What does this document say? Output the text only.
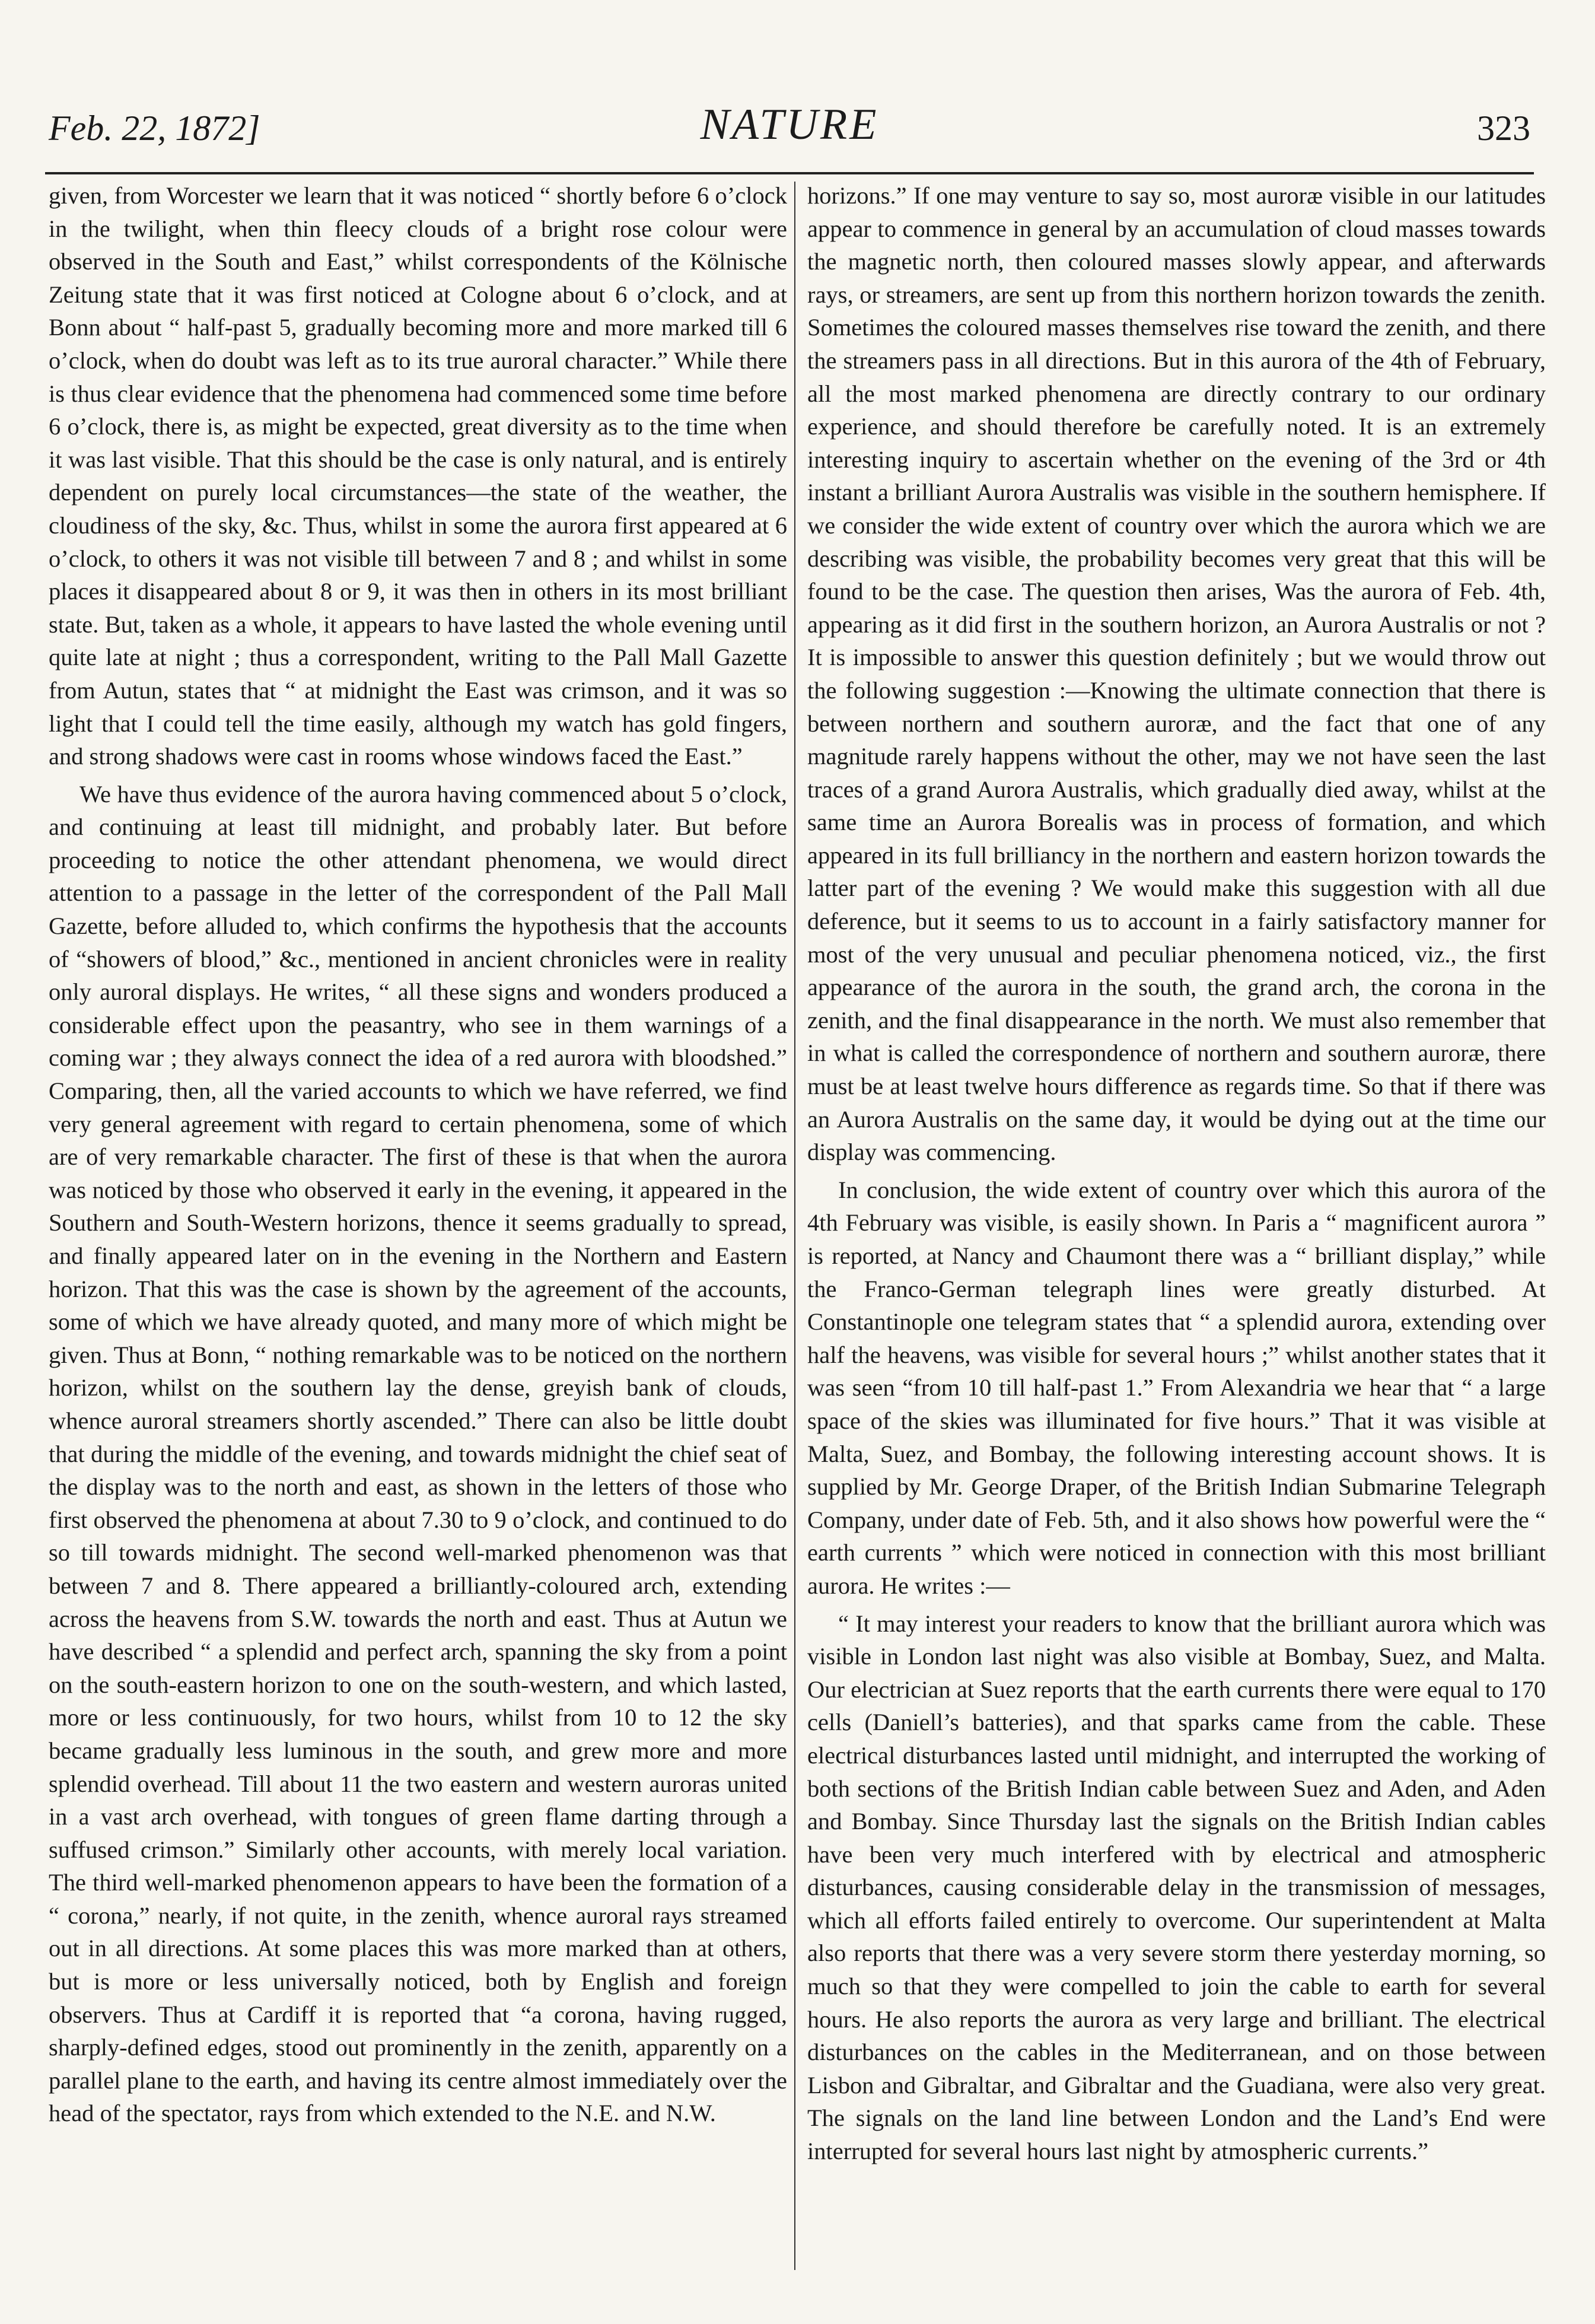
Feb. 22, 1872]	NATURE	323

given, from Worcester we learn that it was noticed “ shortly before 6 o’clock in the twilight, when thin fleecy clouds of a bright rose colour were observed in the South and East,” whilst correspondents of the Kölnische Zeitung state that it was first noticed at Cologne about 6 o’clock, and at Bonn about “ half-past 5, gradually becoming more and more marked till 6 o’clock, when do doubt was left as to its true auroral character.” While there is thus clear evidence that the phenomena had commenced some time before 6 o’clock, there is, as might be expected, great diversity as to the time when it was last visible. That this should be the case is only natural, and is entirely dependent on purely local circumstances—the state of the weather, the cloudiness of the sky, &c. Thus, whilst in some the aurora first appeared at 6 o’clock, to others it was not visible till between 7 and 8 ; and whilst in some places it disappeared about 8 or 9, it was then in others in its most brilliant state. But, taken as a whole, it appears to have lasted the whole evening until quite late at night ; thus a correspondent, writing to the Pall Mall Gazette from Autun, states that “ at midnight the East was crimson, and it was so light that I could tell the time easily, although my watch has gold fingers, and strong shadows were cast in rooms whose windows faced the East.”

We have thus evidence of the aurora having commenced about 5 o’clock, and continuing at least till midnight, and probably later. But before proceeding to notice the other attendant phenomena, we would direct attention to a passage in the letter of the correspondent of the Pall Mall Gazette, before alluded to, which confirms the hypothesis that the accounts of “showers of blood,” &c., mentioned in ancient chronicles were in reality only auroral displays. He writes, “ all these signs and wonders produced a considerable effect upon the peasantry, who see in them warnings of a coming war ; they always connect the idea of a red aurora with bloodshed.” Comparing, then, all the varied accounts to which we have referred, we find very general agreement with regard to certain phenomena, some of which are of very remarkable character. The first of these is that when the aurora was noticed by those who observed it early in the evening, it appeared in the Southern and South-Western horizons, thence it seems gradually to spread, and finally appeared later on in the evening in the Northern and Eastern horizon. That this was the case is shown by the agreement of the accounts, some of which we have already quoted, and many more of which might be given. Thus at Bonn, “ nothing remarkable was to be noticed on the northern horizon, whilst on the southern lay the dense, greyish bank of clouds, whence auroral streamers shortly ascended.” There can also be little doubt that during the middle of the evening, and towards midnight the chief seat of the display was to the north and east, as shown in the letters of those who first observed the phenomena at about 7.30 to 9 o’clock, and continued to do so till towards midnight. The second well-marked phenomenon was that between 7 and 8. There appeared a brilliantly-coloured arch, extending across the heavens from S.W. towards the north and east. Thus at Autun we have described “ a splendid and perfect arch, spanning the sky from a point on the south-eastern horizon to one on the south-western, and which lasted, more or less continuously, for two hours, whilst from 10 to 12 the sky became gradually less luminous in the south, and grew more and more splendid overhead. Till about 11 the two eastern and western auroras united in a vast arch overhead, with tongues of green flame darting through a suffused crimson.” Similarly other accounts, with merely local variation. The third well-marked phenomenon appears to have been the formation of a “ corona,” nearly, if not quite, in the zenith, whence auroral rays streamed out in all directions. At some places this was more marked than at others, but is more or less universally noticed, both by English and foreign observers. Thus at Cardiff it is reported that “a corona, having rugged, sharply-defined edges, stood out prominently in the zenith, apparently on a parallel plane to the earth, and having its centre almost immediately over the head of the spectator, rays from which extended to the N.E. and N.W.

horizons.” If one may venture to say so, most auroræ visible in our latitudes appear to commence in general by an accumulation of cloud masses towards the magnetic north, then coloured masses slowly appear, and afterwards rays, or streamers, are sent up from this northern horizon towards the zenith. Sometimes the coloured masses themselves rise toward the zenith, and there the streamers pass in all directions. But in this aurora of the 4th of February, all the most marked phenomena are directly contrary to our ordinary experience, and should therefore be carefully noted. It is an extremely interesting inquiry to ascertain whether on the evening of the 3rd or 4th instant a brilliant Aurora Australis was visible in the southern hemisphere. If we consider the wide extent of country over which the aurora which we are describing was visible, the probability becomes very great that this will be found to be the case. The question then arises, Was the aurora of Feb. 4th, appearing as it did first in the southern horizon, an Aurora Australis or not ? It is impossible to answer this question definitely ; but we would throw out the following suggestion :—Knowing the ultimate connection that there is between northern and southern auroræ, and the fact that one of any magnitude rarely happens without the other, may we not have seen the last traces of a grand Aurora Australis, which gradually died away, whilst at the same time an Aurora Borealis was in process of formation, and which appeared in its full brilliancy in the northern and eastern horizon towards the latter part of the evening ? We would make this suggestion with all due deference, but it seems to us to account in a fairly satisfactory manner for most of the very unusual and peculiar phenomena noticed, viz., the first appearance of the aurora in the south, the grand arch, the corona in the zenith, and the final disappearance in the north. We must also remember that in what is called the correspondence of northern and southern auroræ, there must be at least twelve hours difference as regards time. So that if there was an Aurora Australis on the same day, it would be dying out at the time our display was commencing.

In conclusion, the wide extent of country over which this aurora of the 4th February was visible, is easily shown. In Paris a “ magnificent aurora ” is reported, at Nancy and Chaumont there was a “ brilliant display,” while the Franco-German telegraph lines were greatly disturbed. At Constantinople one telegram states that “ a splendid aurora, extending over half the heavens, was visible for several hours ;” whilst another states that it was seen “from 10 till half-past 1.” From Alexandria we hear that “ a large space of the skies was illuminated for five hours.” That it was visible at Malta, Suez, and Bombay, the following interesting account shows. It is supplied by Mr. George Draper, of the British Indian Submarine Telegraph Company, under date of Feb. 5th, and it also shows how powerful were the “ earth currents ” which were noticed in connection with this most brilliant aurora. He writes :—

“ It may interest your readers to know that the brilliant aurora which was visible in London last night was also visible at Bombay, Suez, and Malta. Our electrician at Suez reports that the earth currents there were equal to 170 cells (Daniell’s batteries), and that sparks came from the cable. These electrical disturbances lasted until midnight, and interrupted the working of both sections of the British Indian cable between Suez and Aden, and Aden and Bombay. Since Thursday last the signals on the British Indian cables have been very much interfered with by electrical and atmospheric disturbances, causing considerable delay in the transmission of messages, which all efforts failed entirely to overcome. Our superintendent at Malta also reports that there was a very severe storm there yesterday morning, so much so that they were compelled to join the cable to earth for several hours. He also reports the aurora as very large and brilliant. The electrical disturbances on the cables in the Mediterranean, and on those between Lisbon and Gibraltar, and Gibraltar and the Guadiana, were also very great. The signals on the land line between London and the Land’s End were interrupted for several hours last night by atmospheric currents.”
